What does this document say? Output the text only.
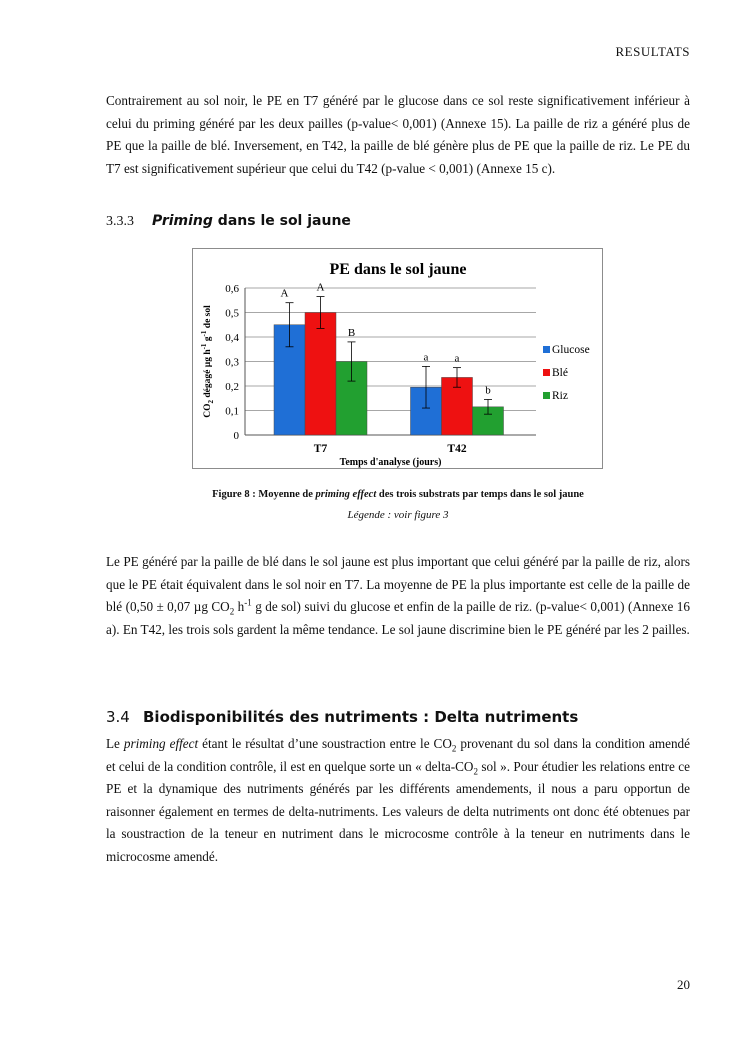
RESULTATS

Contrairement au sol noir, le PE en T7 généré par le glucose dans ce sol reste significativement inférieur à celui du priming généré par les deux pailles (p-value< 0,001) (Annexe 15). La paille de riz a généré plus de PE que la paille de blé. Inversement, en T42, la paille de blé génère plus de PE que la paille de riz. Le PE du T7 est significativement supérieur que celui du T42 (p-value < 0,001) (Annexe 15 c).

3.3.3 Priming dans le sol jaune
PE dans le sol jaune
0
0,1
0,2
0,3
0,4
0,5
0,6	A
A
B
T7
a a
b
T42
Temps d'analyse (jours)
$CO_2$ dégagé µg $h^{-1}$ $g^{-1}$ de sol
Glucose
Blé
Riz
Figure 8 : Moyenne de priming effect des trois substrats par temps dans le sol jaune
Légende : voir figure 3

Le PE généré par la paille de blé dans le sol jaune est plus important que celui généré par la paille de riz, alors que le PE était équivalent dans le sol noir en T7. La moyenne de PE la plus importante est celle de la paille de blé (0,50 ± 0,07 µg $CO_2$ $h^{-1}$ g de sol) suivi du glucose et enfin de la paille de riz. (p-value< 0,001) (Annexe 16 a). En T42, les trois sols gardent la même tendance. Le sol jaune discrimine bien le PE généré par les 2 pailles.

3.4 Biodisponibilités des nutriments : Delta nutriments

Le priming effect étant le résultat d’une soustraction entre le $CO_2$ provenant du sol dans la condition amendé et celui de la condition contrôle, il est en quelque sorte un « delta-$CO_2$ sol ». Pour étudier les relations entre ce PE et la dynamique des nutriments générés par les différents amendements, il nous a paru opportun de raisonner également en termes de delta-nutriments. Les valeurs de delta nutriments ont donc été obtenues par la soustraction de la teneur en nutriment dans le microcosme contrôle à la teneur en nutriments dans le microcosme amendé.

20
